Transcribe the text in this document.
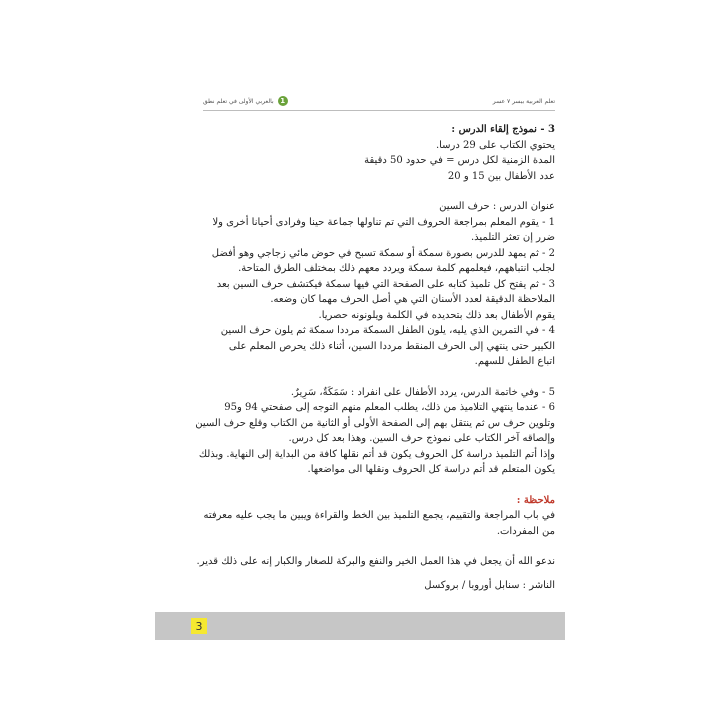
1
بالعربي الأولى في تعلم نطق	تعلم العربية بيسر ٧ عسر

3 - نموذج إلقاء الدرس :

يحتوي الكتاب على 29 درسا.

المدة الزمنية لكل درس = في حدود 50 دقيقة

عدد الأطفال بين 15 و 20

عنوان الدرس : حرف السين

1 - يقوم المعلم بمراجعة الحروف التي تم تناولها جماعة حينا وفرادى أحيانا أخرى ولا

ضرر إن تعثر التلميذ.

2 - ثم يمهد للدرس بصورة سمكة أو سمكة تسبح في حوض مائي زجاجي وهو أفضل

لجلب انتباههم، فيعلمهم كلمة سمكة ويردد معهم ذلك بمختلف الطرق المتاحة.

3 - ثم يفتح كل تلميذ كتابه على الصفحة التي فيها سمكة فيكتشف حرف السين بعد

الملاحظة الدقيقة لعدد الأسنان التي هي أصل الحرف مهما كان وضعه.

يقوم الأطفال بعد ذلك بتحديده في الكلمة ويلونونه حصريا.

4 - في التمرين الذي يليه، يلون الطفل السمكة مرددا سمكة ثم يلون حرف السين

الكبير حتى ينتهي إلى الحرف المنقط مرددا السين، أثناء ذلك يحرص المعلم على

اتباع الطفل للسهم.

5 - وفي خاتمة الدرس، يردد الأطفال على انفراد : سَمَكَةٌ، سَرِيرٌ.

6 - عندما ينتهي التلاميذ من ذلك، يطلب المعلم منهم التوجه إلى صفحتي 94 و95

وتلوين حرف س ثم ينتقل بهم إلى الصفحة الأولى أو الثانية من الكتاب وقلع حرف السين

وإلصاقه آخر الكتاب على نموذج حرف السين. وهذا بعد كل درس.

وإذا أتم التلميذ دراسة كل الحروف يكون قد أتم نقلها كافة من البداية إلى النهاية. وبذلك

يكون المتعلم قد أتم دراسة كل الحروف ونقلها الى مواضعها.

ملاحظة :

في باب المراجعة والتقييم، يجمع التلميذ بين الخط والقراءة ويبين ما يجب عليه معرفته

من المفردات.

ندعو الله أن يجعل في هذا العمل الخير والنفع والبركة للصغار والكبار إنه على ذلك قدير.

الناشر : سنابل أوروبا / بروكسل

3
